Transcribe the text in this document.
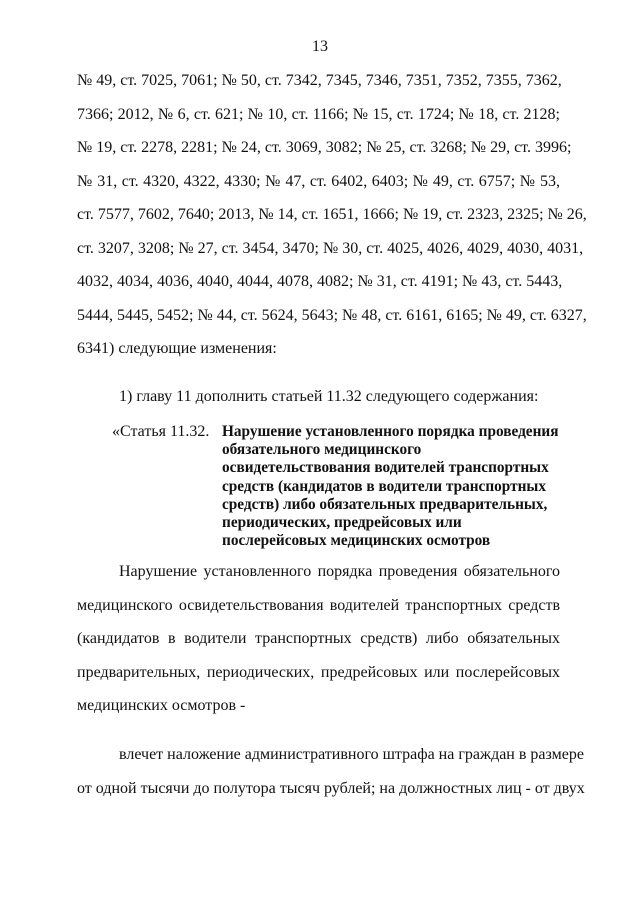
13
№ 49, ст. 7025, 7061; № 50, ст. 7342, 7345, 7346, 7351, 7352, 7355, 7362,
7366; 2012, № 6, ст. 621; № 10, ст. 1166; № 15, ст. 1724; № 18, ст. 2128;
№ 19, ст. 2278, 2281; № 24, ст. 3069, 3082; № 25, ст. 3268; № 29, ст. 3996;
№ 31, ст. 4320, 4322, 4330; № 47, ст. 6402, 6403; № 49, ст. 6757; № 53,
ст. 7577, 7602, 7640; 2013, № 14, ст. 1651, 1666; № 19, ст. 2323, 2325; № 26,
ст. 3207, 3208; № 27, ст. 3454, 3470; № 30, ст. 4025, 4026, 4029, 4030, 4031,
4032, 4034, 4036, 4040, 4044, 4078, 4082; № 31, ст. 4191; № 43, ст. 5443,
5444, 5445, 5452; № 44, ст. 5624, 5643; № 48, ст. 6161, 6165; № 49, ст. 6327,
6341) следующие изменения:
1) главу 11 дополнить статьей 11.32 следующего содержания:
«Статья 11.32. Нарушение установленного порядка проведения
обязательного медицинского
освидетельствования водителей транспортных
средств (кандидатов в водители транспортных
средств) либо обязательных предварительных,
периодических, предрейсовых или
послерейсовых медицинских осмотров
Нарушение установленного порядка проведения обязательного
медицинского освидетельствования водителей транспортных средств
(кандидатов в водители транспортных средств) либо обязательных
предварительных, периодических, предрейсовых или послерейсовых
медицинских осмотров -
влечет наложение административного штрафа на граждан в размере
от одной тысячи до полутора тысяч рублей; на должностных лиц - от двух
